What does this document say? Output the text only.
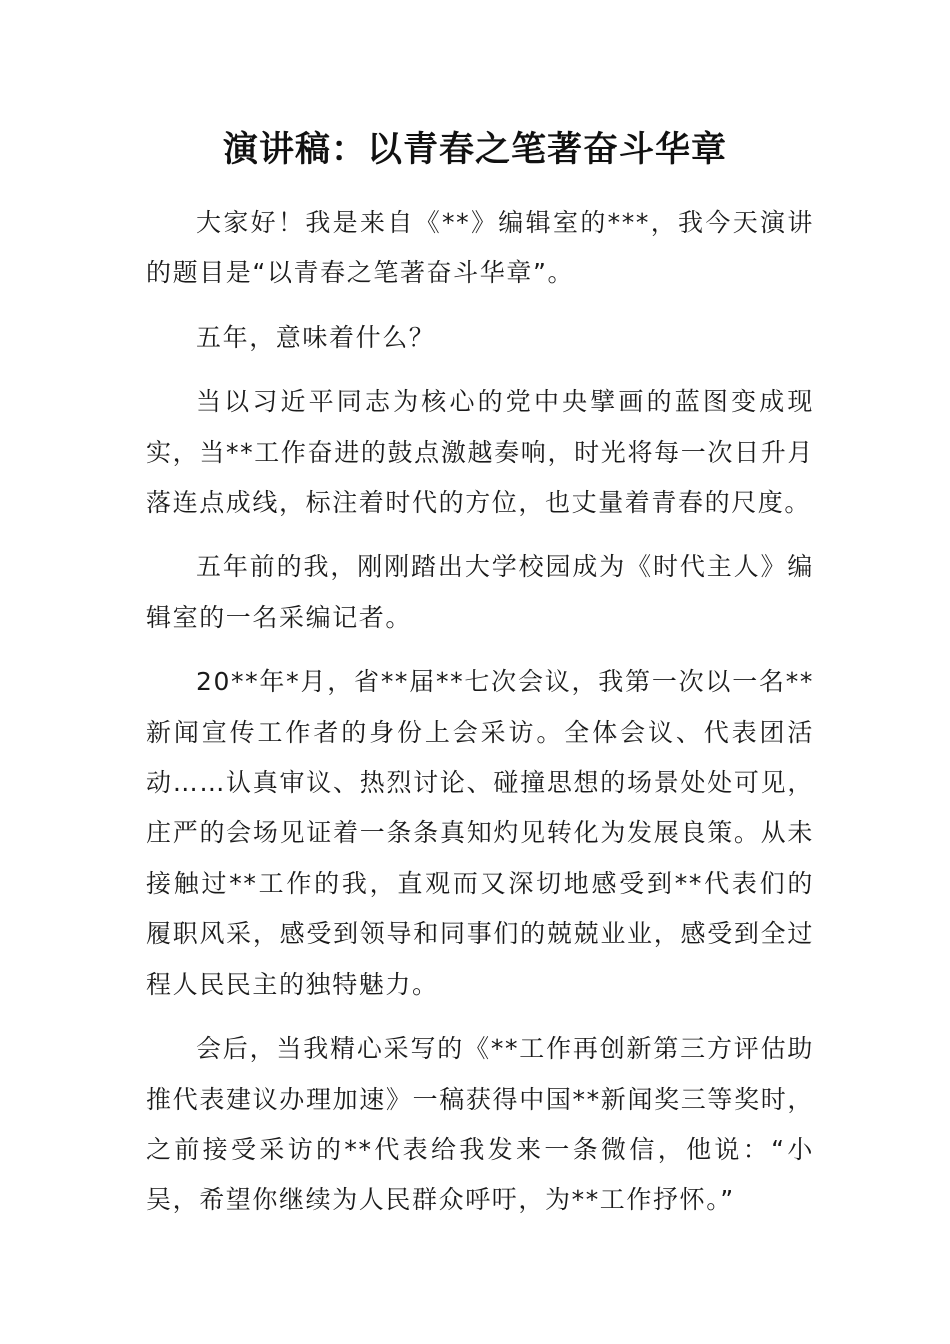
演讲稿：以青春之笔著奋斗华章

大家好！我是来自《**》编辑室的***，我今天演讲的题目是“以青春之笔著奋斗华章”。

五年，意味着什么？

当以习近平同志为核心的党中央擘画的蓝图变成现实，当**工作奋进的鼓点激越奏响，时光将每一次日升月落连点成线，标注着时代的方位，也丈量着青春的尺度。

五年前的我，刚刚踏出大学校园成为《时代主人》编辑室的一名采编记者。

20**年*月，省**届**七次会议，我第一次以一名**新闻宣传工作者的身份上会采访。全体会议、代表团活动……认真审议、热烈讨论、碰撞思想的场景处处可见，庄严的会场见证着一条条真知灼见转化为发展良策。从未接触过**工作的我，直观而又深切地感受到**代表们的履职风采，感受到领导和同事们的兢兢业业，感受到全过程人民民主的独特魅力。

会后，当我精心采写的《**工作再创新第三方评估助推代表建议办理加速》一稿获得中国**新闻奖三等奖时，之前接受采访的**代表给我发来一条微信，他说：“小吴，希望你继续为人民群众呼吁，为**工作抒怀。”
